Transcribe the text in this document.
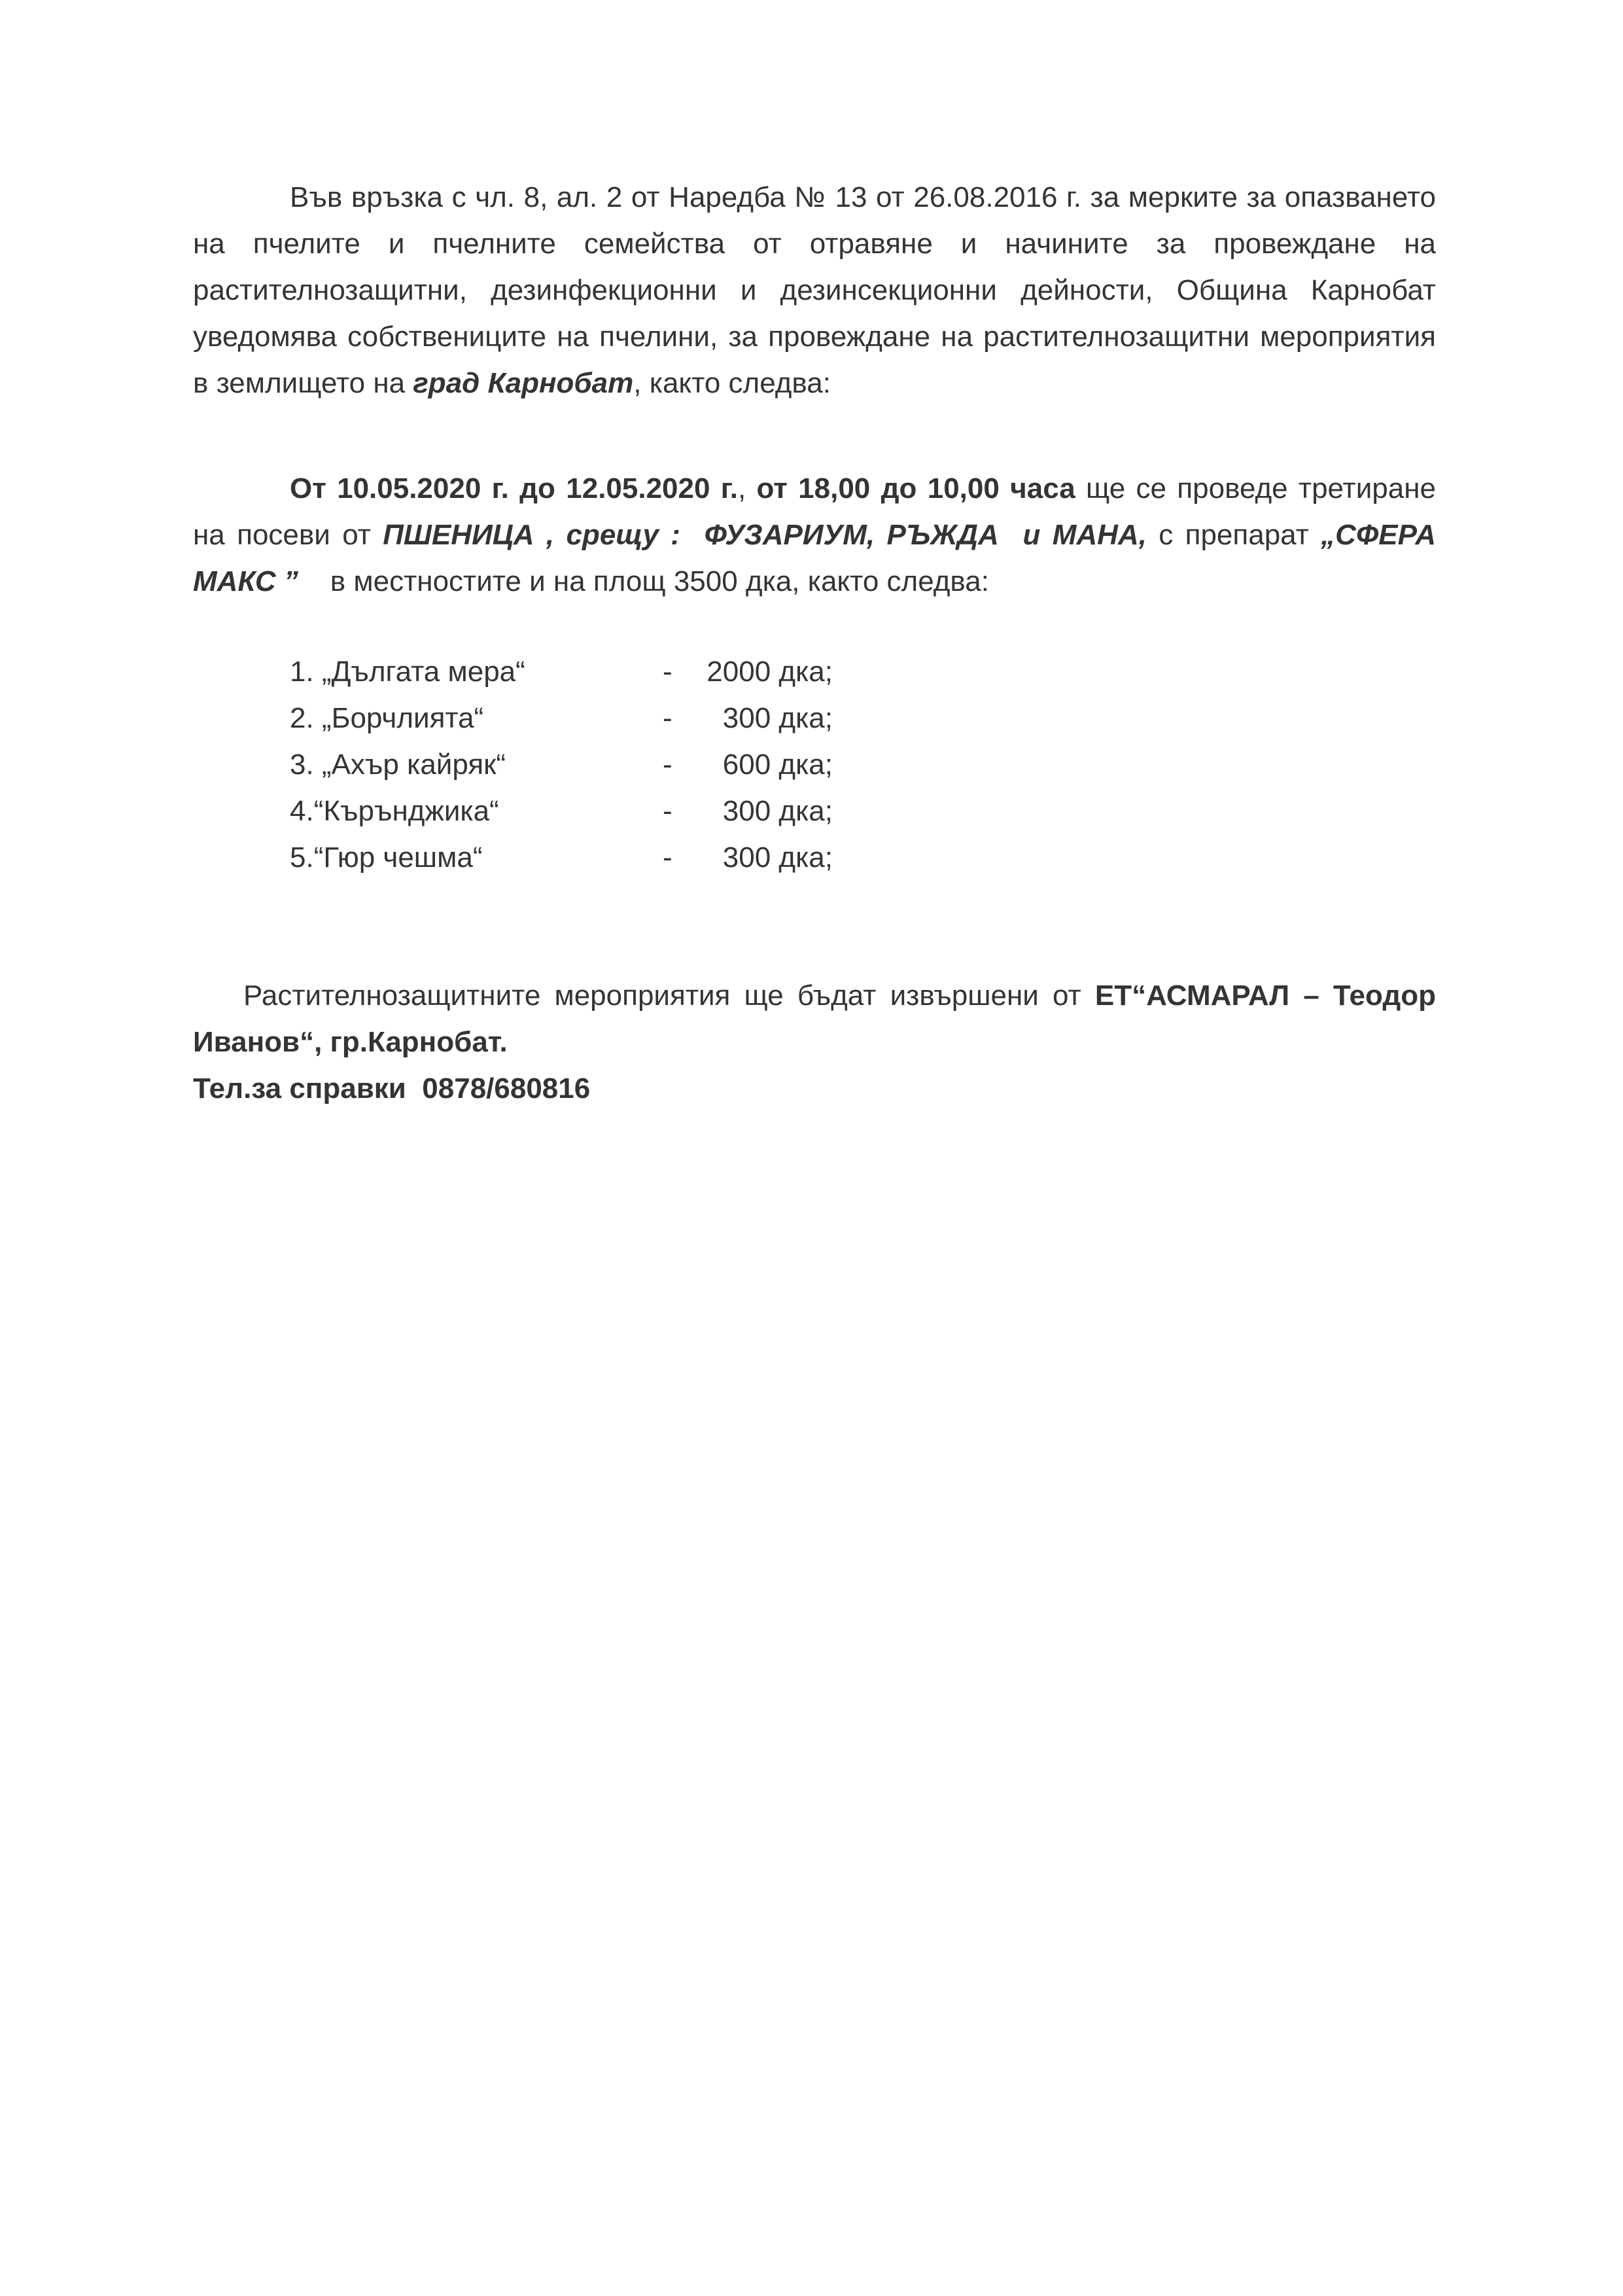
Във връзка с чл. 8, ал. 2 от Наредба № 13 от 26.08.2016 г. за мерките за опазването
на пчелите и пчелните семейства от отравяне и начините за провеждане на
растителнозащитни, дезинфекционни и дезинсекционни дейности, Община Карнобат
уведомява собствениците на пчелини, за провеждане на растителнозащитни мероприятия
в землището на град Карнобат, както следва:
От 10.05.2020 г. до 12.05.2020 г., от 18,00 до 10,00 часа ще се проведе третиране
на посеви от ПШЕНИЦА , срещу :  ФУЗАРИУМ, РЪЖДА  и МАНА, с препарат „СФЕРА
МАКС ”    в местностите и на площ 3500 дка, както следва:
1. „Дългата мера“	-	2000 дка;
2. „Борчлията“	-	300 дка;
3. „Ахър кайряк“	-	600 дка;
4.“Кърънджика“	-	300 дка;
5.“Гюр чешма“	-	300 дка;
Растителнозащитните мероприятия ще бъдат извършени от ЕТ“АСМАРАЛ – Теодор
Иванов“, гр.Карнобат.
Тел.за справки  0878/680816
